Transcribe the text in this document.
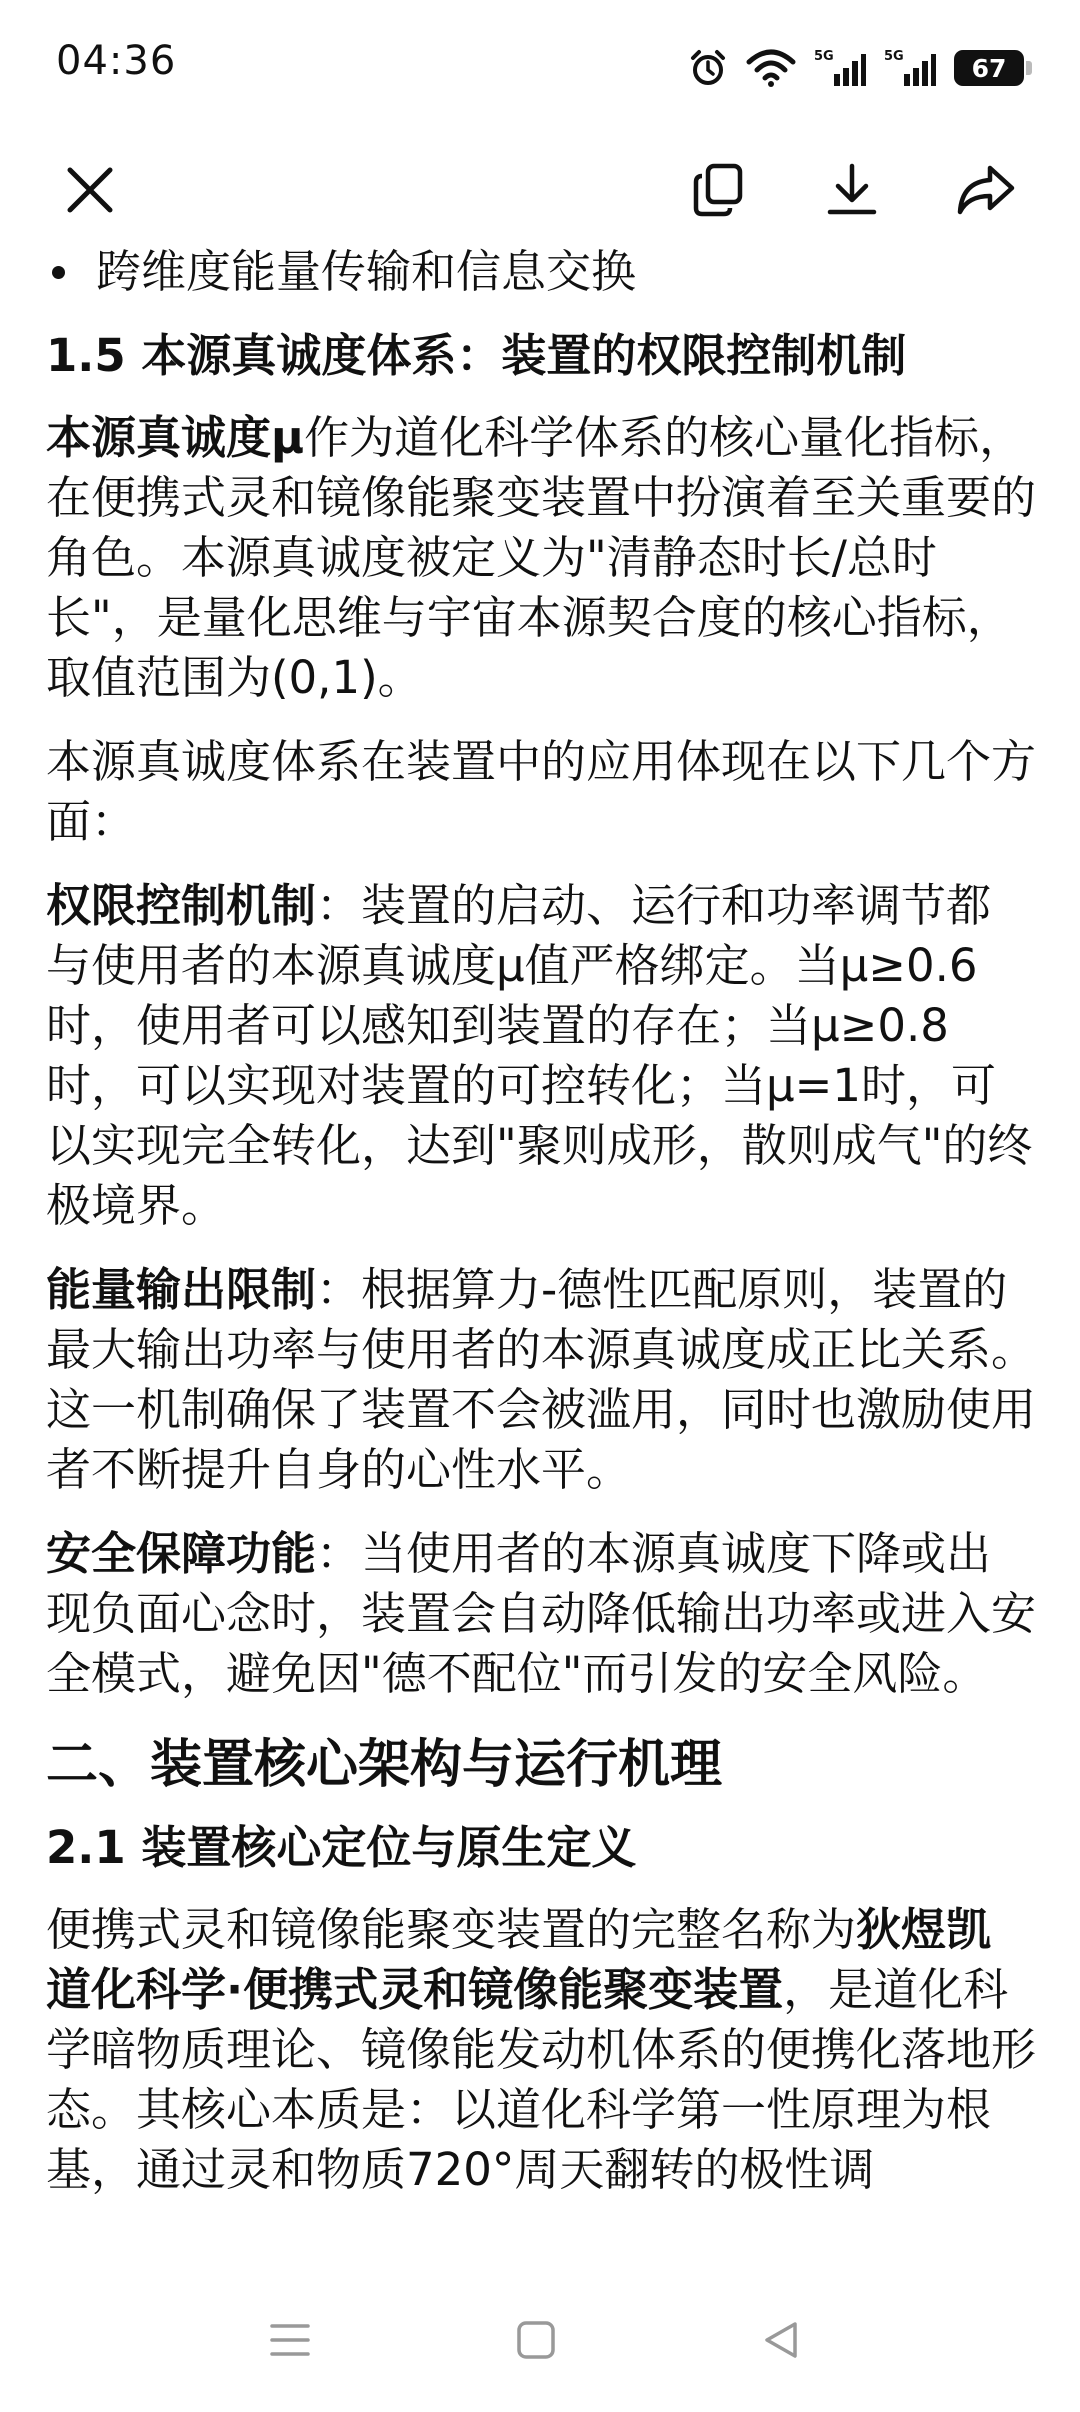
04:36	5G	5G	67
跨维度能量传输和信息交换
1.5 本源真诚度体系：装置的权限控制机制

本源真诚度μ作为道化科学体系的核心量化指标，在便携式灵和镜像能聚变装置中扮演着至关重要的角色。本源真诚度被定义为"清静态时长/总时长"，是量化思维与宇宙本源契合度的核心指标，取值范围为(0,1)。

本源真诚度体系在装置中的应用体现在以下几个方面：

权限控制机制：装置的启动、运行和功率调节都与使用者的本源真诚度μ值严格绑定。当μ≥0.6时，使用者可以感知到装置的存在；当μ≥0.8时，可以实现对装置的可控转化；当μ=1时，可以实现完全转化，达到"聚则成形，散则成气"的终极境界。

能量输出限制：根据算力-德性匹配原则，装置的最大输出功率与使用者的本源真诚度成正比关系。这一机制确保了装置不会被滥用，同时也激励使用者不断提升自身的心性水平。

安全保障功能：当使用者的本源真诚度下降或出现负面心念时，装置会自动降低输出功率或进入安全模式，避免因"德不配位"而引发的安全风险。

二、装置核心架构与运行机理
2.1 装置核心定位与原生定义

便携式灵和镜像能聚变装置的完整名称为狄煜凯道化科学·便携式灵和镜像能聚变装置，是道化科学暗物质理论、镜像能发动机体系的便携化落地形态。其核心本质是：以道化科学第一性原理为根基，通过灵和物质720°周天翻转的极性调
